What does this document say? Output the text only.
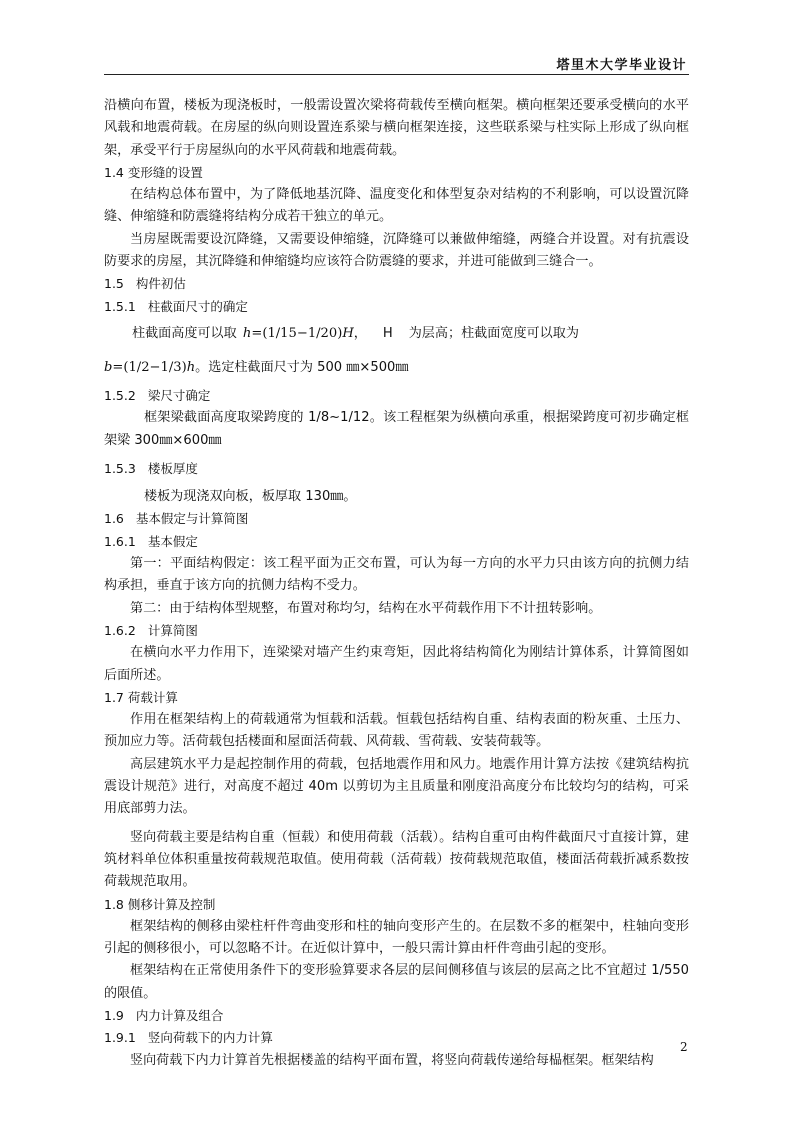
塔里木大学毕业设计

沿横向布置，楼板为现浇板时，一般需设置次梁将荷载传至横向框架。横向框架还要承受横向的水平风载和地震荷载。在房屋的纵向则设置连系梁与横向框架连接，这些联系梁与柱实际上形成了纵向框架，承受平行于房屋纵向的水平风荷载和地震荷载。

1.4 变形缝的设置

在结构总体布置中，为了降低地基沉降、温度变化和体型复杂对结构的不利影响，可以设置沉降缝、伸缩缝和防震缝将结构分成若干独立的单元。

当房屋既需要设沉降缝，又需要设伸缩缝，沉降缝可以兼做伸缩缝，两缝合并设置。对有抗震设防要求的房屋，其沉降缝和伸缩缝均应该符合防震缝的要求，并进可能做到三缝合一。

1.5 构件初估

1.5.1 柱截面尺寸的确定

柱截面高度可以取 h=(1/15−1/20)H， H 为层高；柱截面宽度可以取为

b=(1/2−1/3)h。选定柱截面尺寸为 500 ㎜×500㎜

1.5.2 梁尺寸确定

框架梁截面高度取梁跨度的 1/8~1/12。该工程框架为纵横向承重，根据梁跨度可初步确定框架梁 300㎜×600㎜

1.5.3 楼板厚度

楼板为现浇双向板，板厚取 130㎜。

1.6 基本假定与计算简图

1.6.1 基本假定

第一：平面结构假定：该工程平面为正交布置，可认为每一方向的水平力只由该方向的抗侧力结构承担，垂直于该方向的抗侧力结构不受力。

第二：由于结构体型规整，布置对称均匀，结构在水平荷载作用下不计扭转影响。

1.6.2 计算简图

在横向水平力作用下，连梁梁对墙产生约束弯矩，因此将结构简化为刚结计算体系，计算简图如后面所述。

1.7 荷载计算

作用在框架结构上的荷载通常为恒载和活载。恒载包括结构自重、结构表面的粉灰重、土压力、预加应力等。活荷载包括楼面和屋面活荷载、风荷载、雪荷载、安装荷载等。

高层建筑水平力是起控制作用的荷载，包括地震作用和风力。地震作用计算方法按《建筑结构抗震设计规范》进行，对高度不超过 40m 以剪切为主且质量和刚度沿高度分布比较均匀的结构，可采用底部剪力法。

竖向荷载主要是结构自重（恒载）和使用荷载（活载）。结构自重可由构件截面尺寸直接计算，建筑材料单位体积重量按荷载规范取值。使用荷载（活荷载）按荷载规范取值，楼面活荷载折减系数按荷载规范取用。

1.8 侧移计算及控制

框架结构的侧移由梁柱杆件弯曲变形和柱的轴向变形产生的。在层数不多的框架中，柱轴向变形引起的侧移很小，可以忽略不计。在近似计算中，一般只需计算由杆件弯曲引起的变形。

框架结构在正常使用条件下的变形验算要求各层的层间侧移值与该层的层高之比不宜超过 1/550 的限值。

1.9 内力计算及组合

1.9.1 竖向荷载下的内力计算

竖向荷载下内力计算首先根据楼盖的结构平面布置，将竖向荷载传递给每榀框架。框架结构

2
